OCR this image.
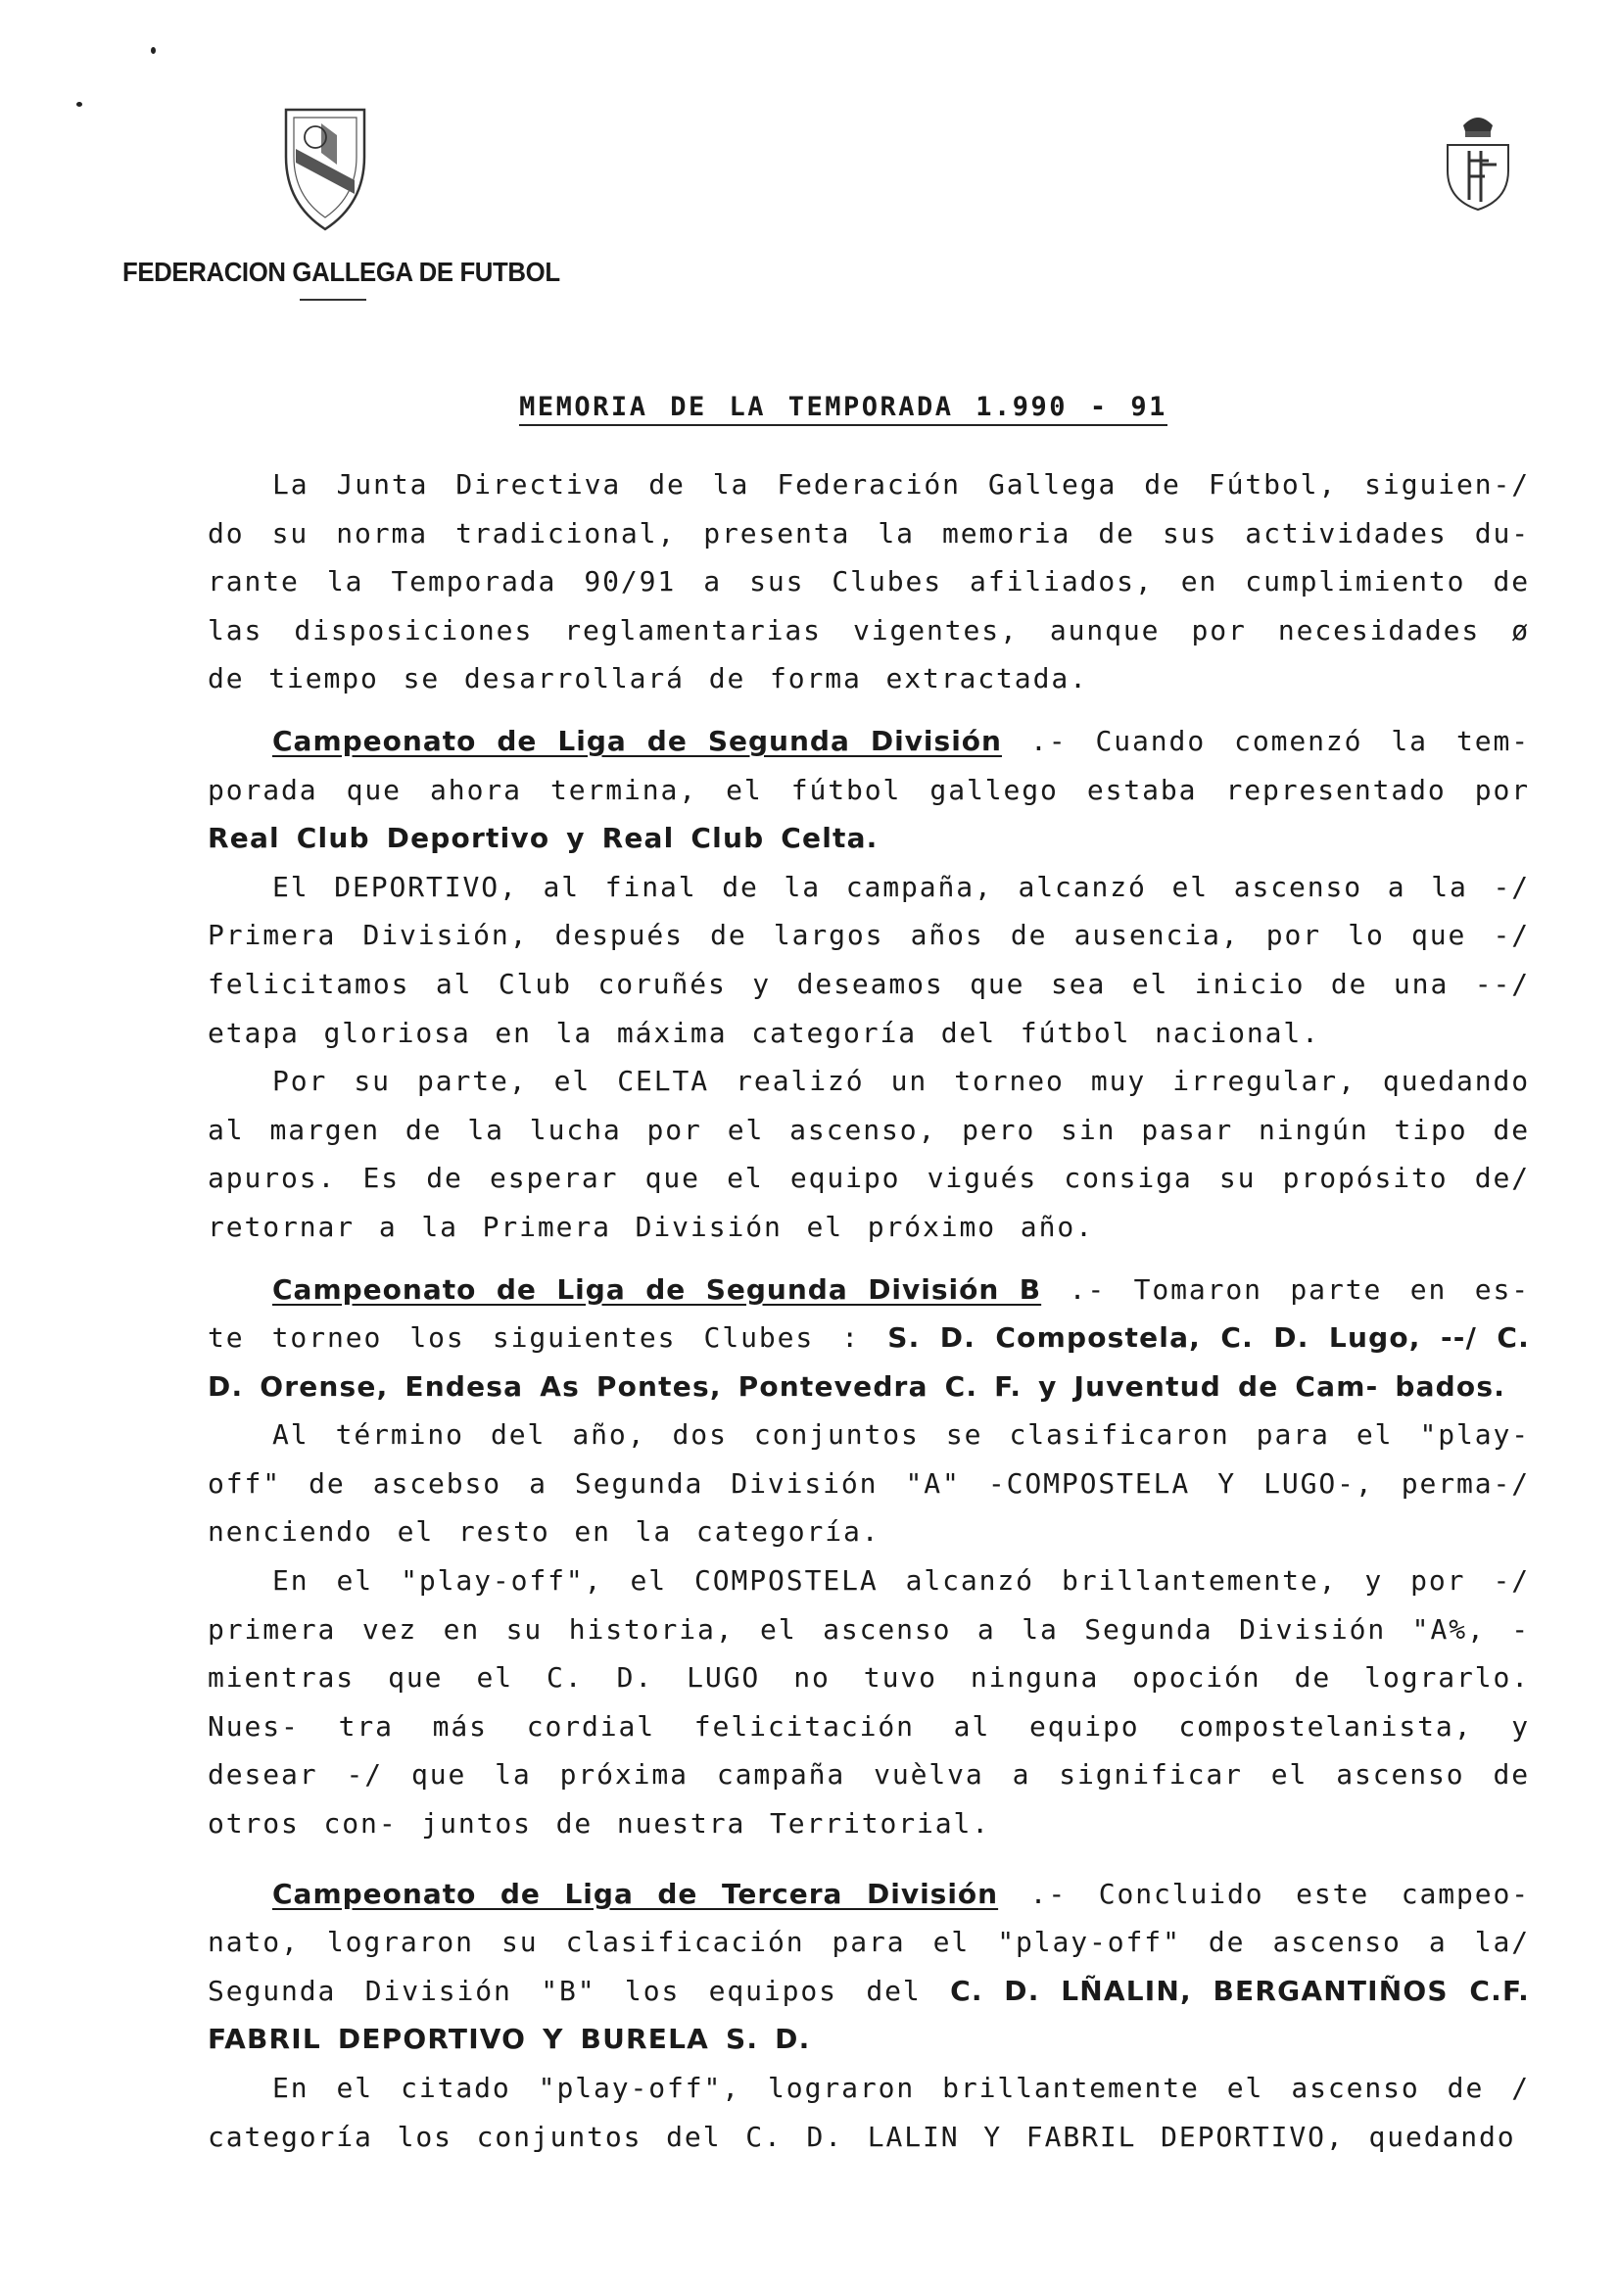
FEDERACION GALLEGA DE FUTBOL
MEMORIA DE LA TEMPORADA 1.990 - 91

La Junta Directiva de la Federación Gallega de Fútbol, siguien-/ do su norma tradicional, presenta la memoria de sus actividades du- rante la Temporada 90/91 a sus Clubes afiliados, en cumplimiento de las disposiciones reglamentarias vigentes, aunque por necesidades ø de tiempo se desarrollará de forma extractada.

Campeonato de Liga de Segunda División .- Cuando comenzó la tem- porada que ahora termina, el fútbol gallego estaba representado por Real Club Deportivo y Real Club Celta.

El DEPORTIVO, al final de la campaña, alcanzó el ascenso a la -/ Primera División, después de largos años de ausencia, por lo que -/ felicitamos al Club coruñés y deseamos que sea el inicio de una --/ etapa gloriosa en la máxima categoría del fútbol nacional.

Por su parte, el CELTA realizó un torneo muy irregular, quedando al margen de la lucha por el ascenso, pero sin pasar ningún tipo de apuros. Es de esperar que el equipo vigués consiga su propósito de/ retornar a la Primera División el próximo año.

Campeonato de Liga de Segunda División B .- Tomaron parte en es- te torneo los siguientes Clubes : S. D. Compostela, C. D. Lugo, --/ C. D. Orense, Endesa As Pontes, Pontevedra C. F. y Juventud de Cam- bados.

Al término del año, dos conjuntos se clasificaron para el "play- off" de ascebso a Segunda División "A" -COMPOSTELA Y LUGO-, perma-/ nenciendo el resto en la categoría.

En el "play-off", el COMPOSTELA alcanzó brillantemente, y por -/ primera vez en su historia, el ascenso a la Segunda División "A%, - mientras que el C. D. LUGO no tuvo ninguna opoción de lograrlo. Nues- tra más cordial felicitación al equipo compostelanista, y desear -/ que la próxima campaña vuèlva a significar el ascenso de otros con- juntos de nuestra Territorial.

Campeonato de Liga de Tercera División .- Concluido este campeo- nato, lograron su clasificación para el "play-off" de ascenso a la/ Segunda División "B" los equipos del C. D. LÑALIN, BERGANTIÑOS C.F. FABRIL DEPORTIVO Y BURELA S. D.

En el citado "play-off", lograron brillantemente el ascenso de / categoría los conjuntos del C. D. LALIN Y FABRIL DEPORTIVO, quedando
